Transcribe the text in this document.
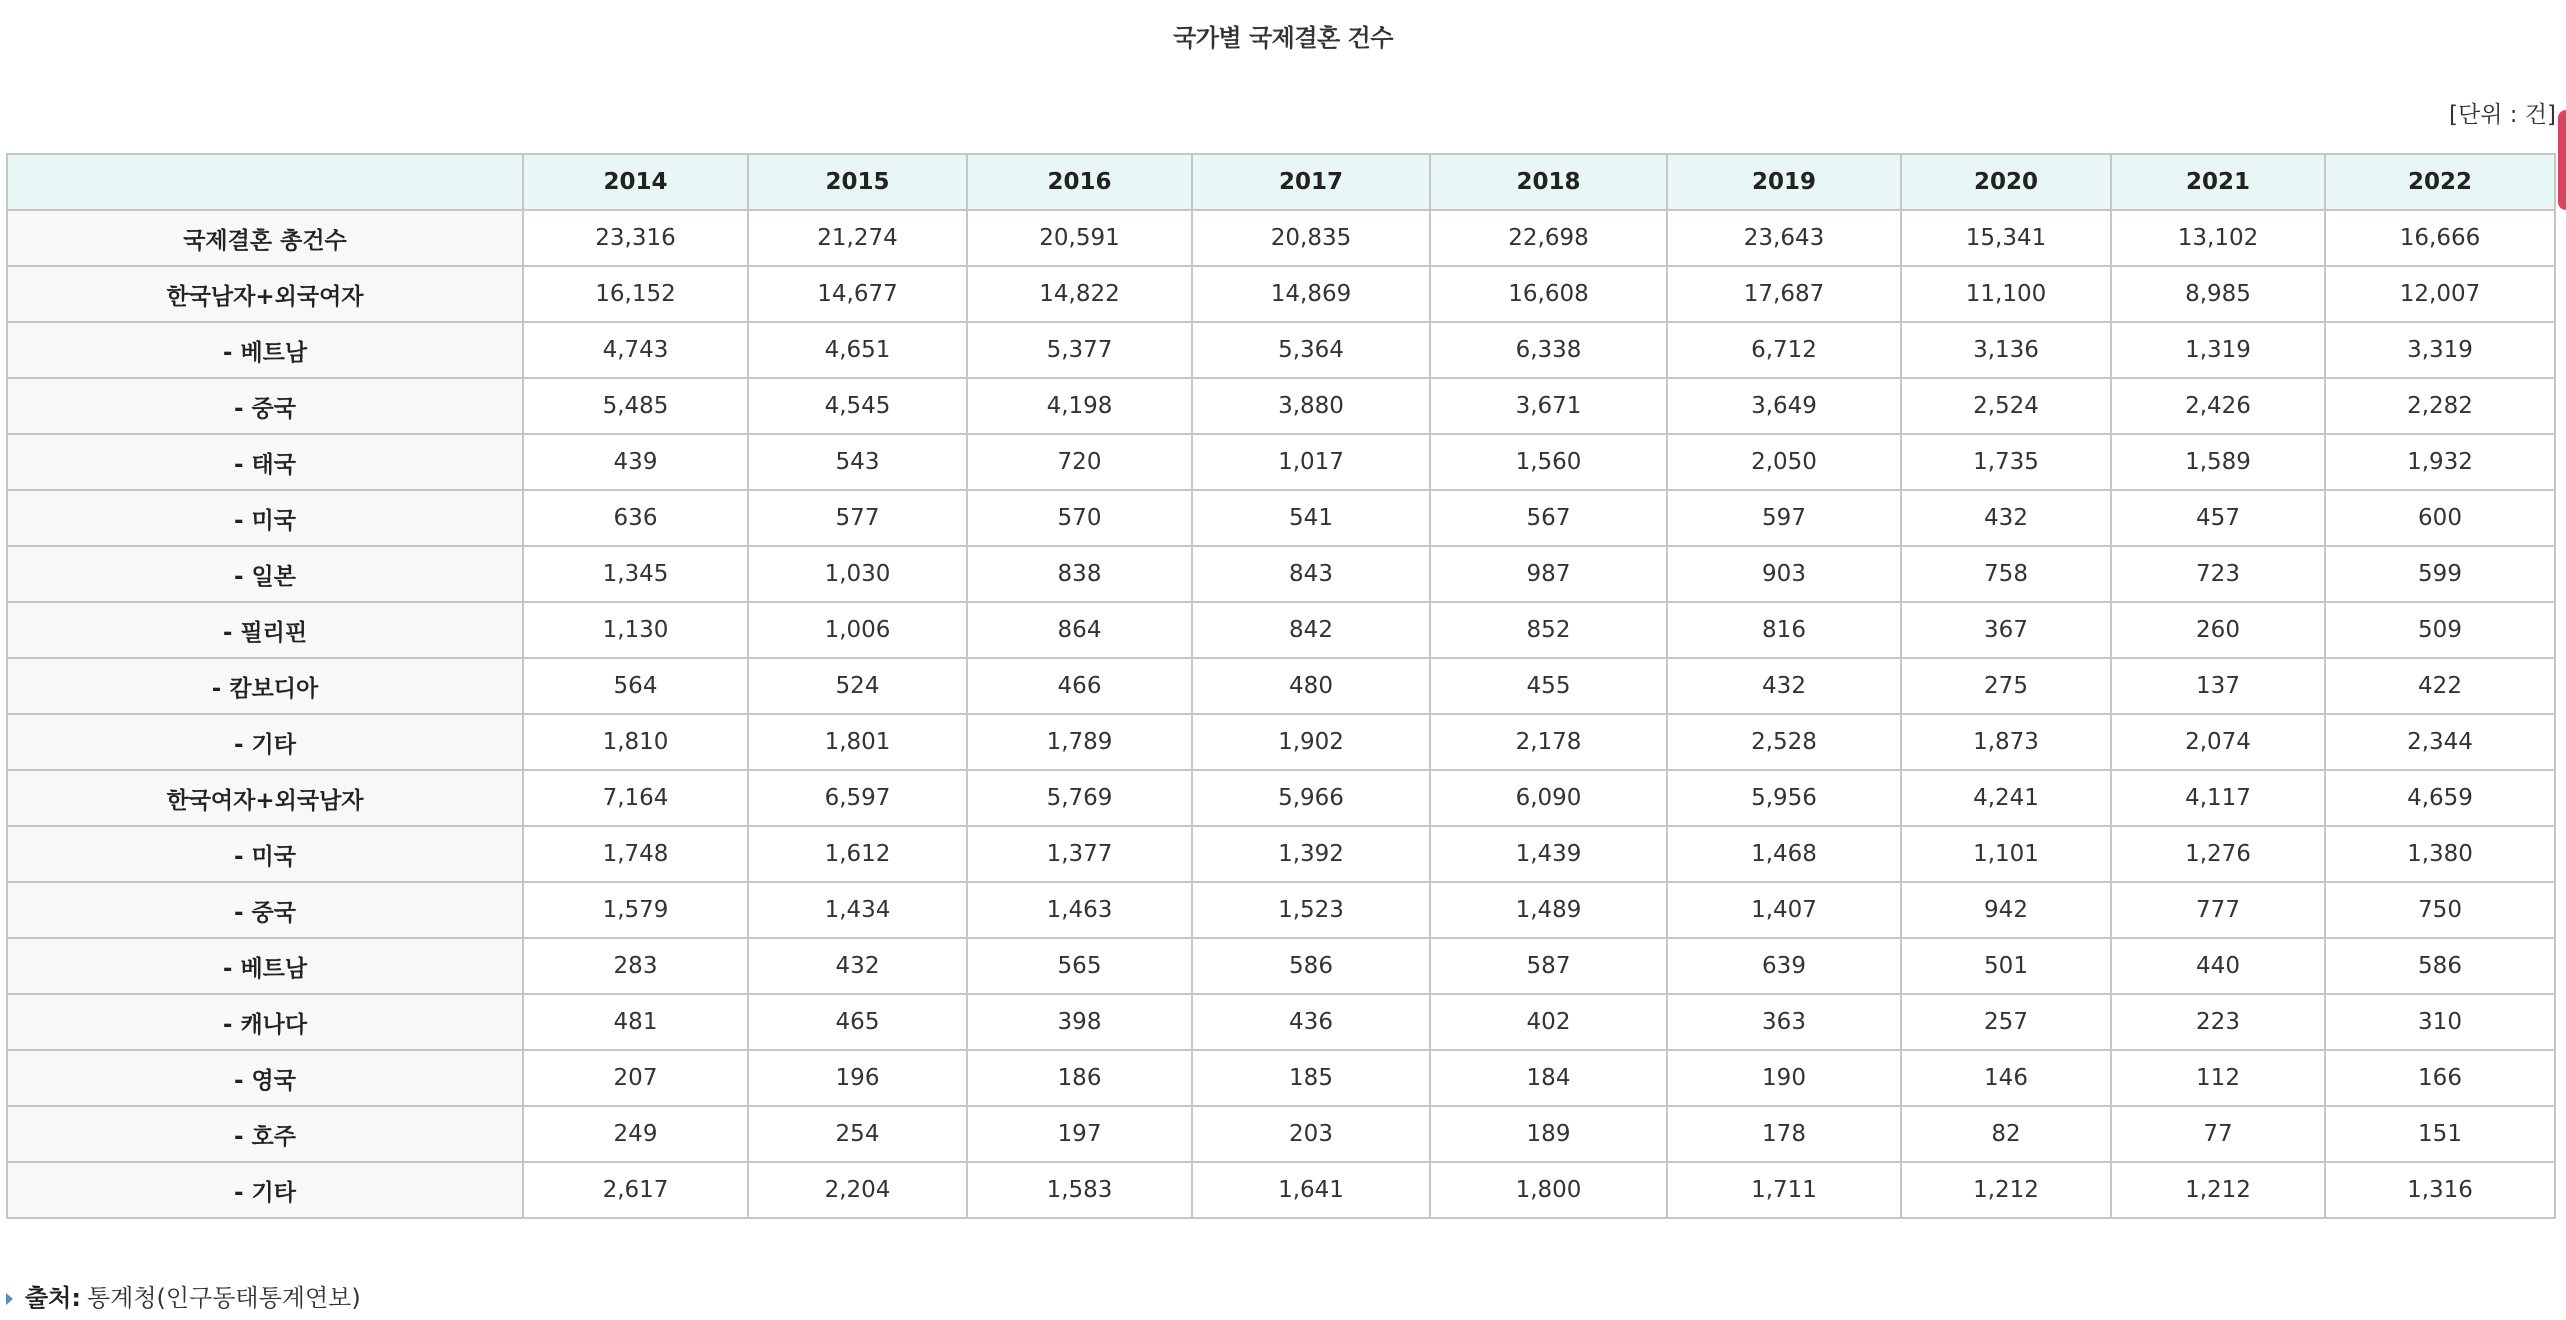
국가별 국제결혼 건수
[단위 : 건]
	2014	2015	2016	2017	2018	2019	2020	2021	2022
국제결혼 총건수	23,316	21,274	20,591	20,835	22,698	23,643	15,341	13,102	16,666
한국남자+외국여자	16,152	14,677	14,822	14,869	16,608	17,687	11,100	8,985	12,007
- 베트남	4,743	4,651	5,377	5,364	6,338	6,712	3,136	1,319	3,319
- 중국	5,485	4,545	4,198	3,880	3,671	3,649	2,524	2,426	2,282
- 태국	439	543	720	1,017	1,560	2,050	1,735	1,589	1,932
- 미국	636	577	570	541	567	597	432	457	600
- 일본	1,345	1,030	838	843	987	903	758	723	599
- 필리핀	1,130	1,006	864	842	852	816	367	260	509
- 캄보디아	564	524	466	480	455	432	275	137	422
- 기타	1,810	1,801	1,789	1,902	2,178	2,528	1,873	2,074	2,344
한국여자+외국남자	7,164	6,597	5,769	5,966	6,090	5,956	4,241	4,117	4,659
- 미국	1,748	1,612	1,377	1,392	1,439	1,468	1,101	1,276	1,380
- 중국	1,579	1,434	1,463	1,523	1,489	1,407	942	777	750
- 베트남	283	432	565	586	587	639	501	440	586
- 캐나다	481	465	398	436	402	363	257	223	310
- 영국	207	196	186	185	184	190	146	112	166
- 호주	249	254	197	203	189	178	82	77	151
- 기타	2,617	2,204	1,583	1,641	1,800	1,711	1,212	1,212	1,316
출처: 통계청(인구동태통계연보)
